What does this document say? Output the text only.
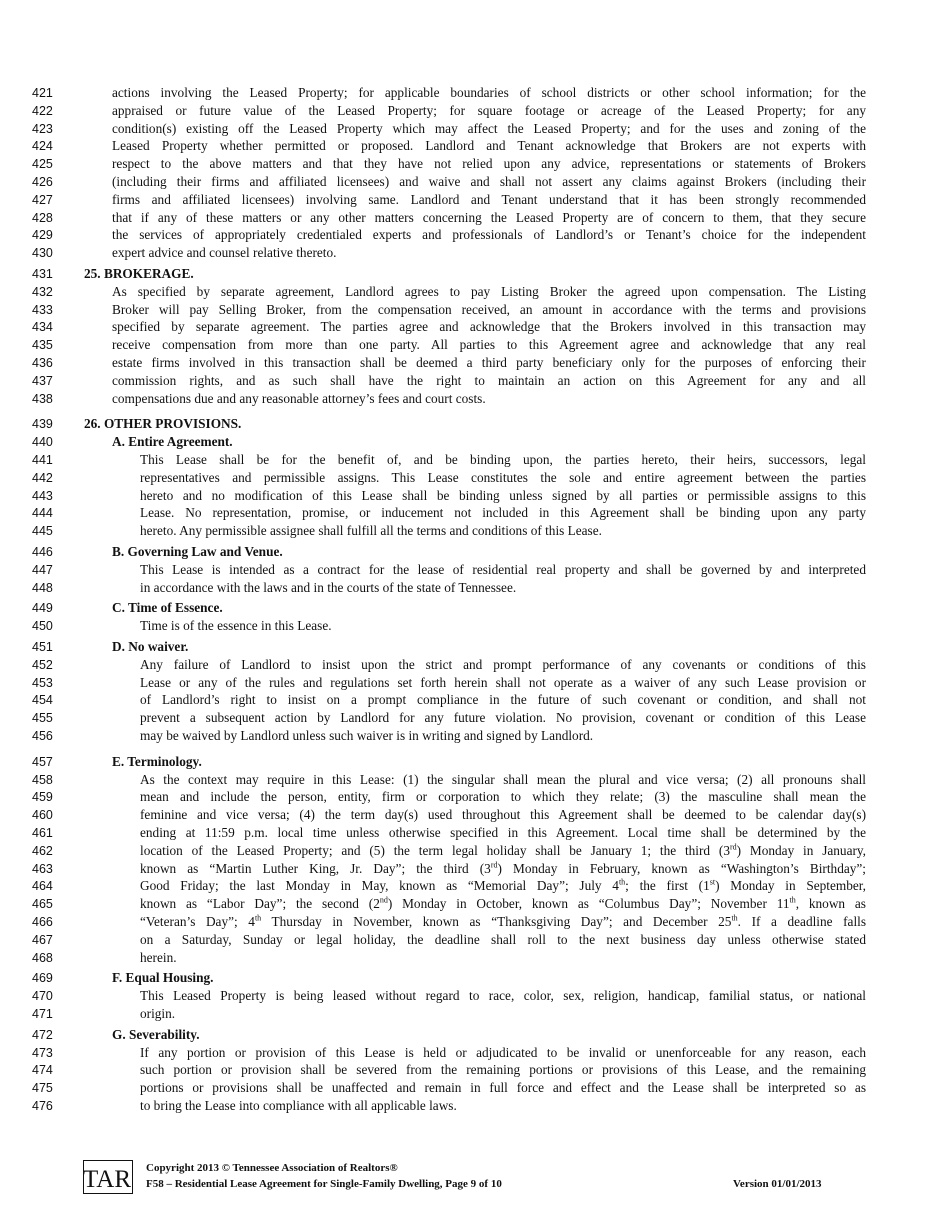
421	actions involving the Leased Property; for applicable boundaries of school districts or other school information; for the
422	appraised or future value of the Leased Property; for square footage or acreage of the Leased Property; for any
423	condition(s) existing off the Leased Property which may affect the Leased Property; and for the uses and zoning of the
424	Leased Property whether permitted or proposed. Landlord and Tenant acknowledge that Brokers are not experts with
425	respect to the above matters and that they have not relied upon any advice, representations or statements of Brokers
426	(including their firms and affiliated licensees) and waive and shall not assert any claims against Brokers (including their
427	firms and affiliated licensees) involving same. Landlord and Tenant understand that it has been strongly recommended
428	that if any of these matters or any other matters concerning the Leased Property are of concern to them, that they secure
429	the services of appropriately credentialed experts and professionals of Landlord’s or Tenant’s choice for the independent
430	expert advice and counsel relative thereto.
431 25. BROKERAGE.
432	As specified by separate agreement, Landlord agrees to pay Listing Broker the agreed upon compensation. The Listing
433	Broker will pay Selling Broker, from the compensation received, an amount in accordance with the terms and provisions
434	specified by separate agreement. The parties agree and acknowledge that the Brokers involved in this transaction may
435	receive compensation from more than one party. All parties to this Agreement agree and acknowledge that any real
436	estate firms involved in this transaction shall be deemed a third party beneficiary only for the purposes of enforcing their
437	commission rights, and as such shall have the right to maintain an action on this Agreement for any and all
438	compensations due and any reasonable attorney’s fees and court costs.
439 26. OTHER PROVISIONS.
440	A. Entire Agreement.
441	This Lease shall be for the benefit of, and be binding upon, the parties hereto, their heirs, successors, legal
442	representatives and permissible assigns. This Lease constitutes the sole and entire agreement between the parties
443	hereto and no modification of this Lease shall be binding unless signed by all parties or permissible assigns to this
444	Lease. No representation, promise, or inducement not included in this Agreement shall be binding upon any party
445	hereto. Any permissible assignee shall fulfill all the terms and conditions of this Lease.
446	B. Governing Law and Venue.
447	This Lease is intended as a contract for the lease of residential real property and shall be governed by and interpreted
448	in accordance with the laws and in the courts of the state of Tennessee.
449	C. Time of Essence.
450	Time is of the essence in this Lease.
451	D. No waiver.
452	Any failure of Landlord to insist upon the strict and prompt performance of any covenants or conditions of this
453	Lease or any of the rules and regulations set forth herein shall not operate as a waiver of any such Lease provision or
454	of Landlord’s right to insist on a prompt compliance in the future of such covenant or condition, and shall not
455	prevent a subsequent action by Landlord for any future violation. No provision, covenant or condition of this Lease
456	may be waived by Landlord unless such waiver is in writing and signed by Landlord.
457	E. Terminology.
458	As the context may require in this Lease: (1) the singular shall mean the plural and vice versa; (2) all pronouns shall
459	mean and include the person, entity, firm or corporation to which they relate; (3) the masculine shall mean the
460	feminine and vice versa; (4) the term day(s) used throughout this Agreement shall be deemed to be calendar day(s)
461	ending at 11:59 p.m. local time unless otherwise specified in this Agreement. Local time shall be determined by the
462	location of the Leased Property; and (5) the term legal holiday shall be January 1; the third (3rd) Monday in January,
463	known as “Martin Luther King, Jr. Day”; the third (3rd) Monday in February, known as “Washington’s Birthday”;
464	Good Friday; the last Monday in May, known as “Memorial Day”; July 4th; the first (1st) Monday in September,
465	known as “Labor Day”; the second (2nd) Monday in October, known as “Columbus Day”; November 11th, known as
466	“Veteran’s Day”; 4th Thursday in November, known as “Thanksgiving Day”; and December 25th. If a deadline falls
467	on a Saturday, Sunday or legal holiday, the deadline shall roll to the next business day unless otherwise stated
468	herein.
469	F. Equal Housing.
470	This Leased Property is being leased without regard to race, color, sex, religion, handicap, familial status, or national
471	origin.
472	G. Severability.
473	If any portion or provision of this Lease is held or adjudicated to be invalid or unenforceable for any reason, each
474	such portion or provision shall be severed from the remaining portions or provisions of this Lease, and the remaining
475	portions or provisions shall be unaffected and remain in full force and effect and the Lease shall be interpreted so as
476	to bring the Lease into compliance with all applicable laws.
TAR Copyright 2013 © Tennessee Association of Realtors®
F58 – Residential Lease Agreement for Single-Family Dwelling, Page 9 of 10	Version 01/01/2013
